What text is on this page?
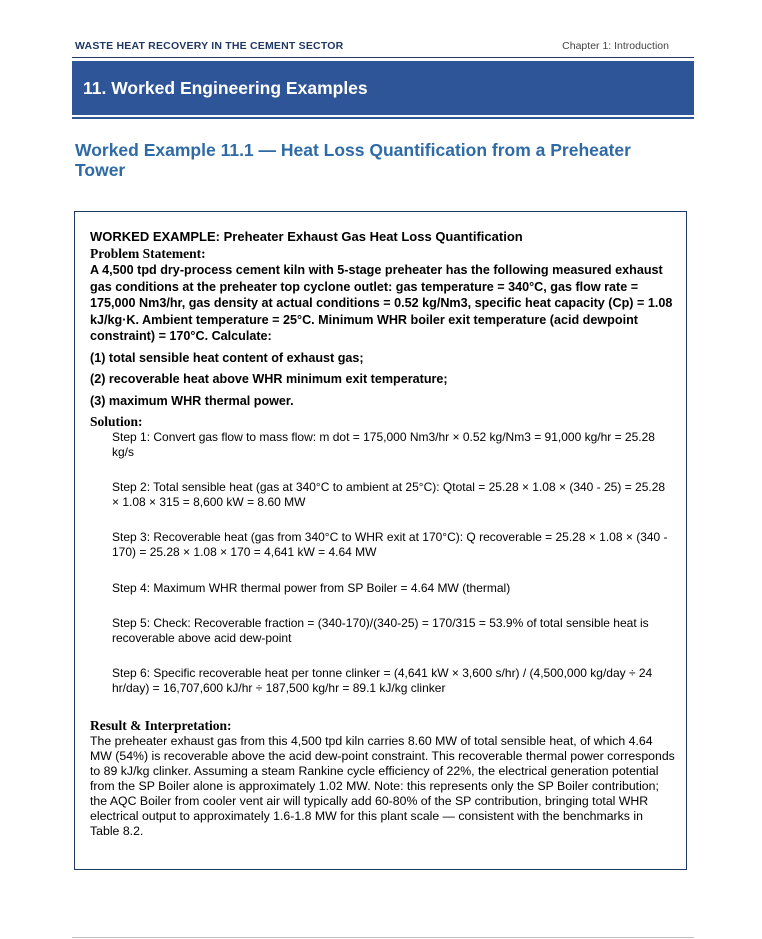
WASTE HEAT RECOVERY IN THE CEMENT SECTOR	Chapter 1: Introduction
11. Worked Engineering Examples
Worked Example 11.1 — Heat Loss Quantification from a Preheater Tower
WORKED EXAMPLE: Preheater Exhaust Gas Heat Loss Quantification
Problem Statement:

A 4,500 tpd dry-process cement kiln with 5-stage preheater has the following measured exhaust gas conditions at the preheater top cyclone outlet: gas temperature = 340°C, gas flow rate = 175,000 Nm3/hr, gas density at actual conditions = 0.52 kg/Nm3, specific heat capacity (Cp) = 1.08 kJ/kg·K. Ambient temperature = 25°C. Minimum WHR boiler exit temperature (acid dewpoint constraint) = 170°C. Calculate:

(1) total sensible heat content of exhaust gas;
(2) recoverable heat above WHR minimum exit temperature;
(3) maximum WHR thermal power.
Solution:
Step 1: Convert gas flow to mass flow: m dot = 175,000 Nm3/hr × 0.52 kg/Nm3 = 91,000 kg/hr = 25.28 kg/s
Step 2: Total sensible heat (gas at 340°C to ambient at 25°C): Qtotal = 25.28 × 1.08 × (340 - 25) = 25.28 × 1.08 × 315 = 8,600 kW = 8.60 MW
Step 3: Recoverable heat (gas from 340°C to WHR exit at 170°C): Q recoverable = 25.28 × 1.08 × (340 - 170) = 25.28 × 1.08 × 170 = 4,641 kW = 4.64 MW
Step 4: Maximum WHR thermal power from SP Boiler = 4.64 MW (thermal)
Step 5: Check: Recoverable fraction = (340-170)/(340-25) = 170/315 = 53.9% of total sensible heat is recoverable above acid dew-point
Step 6: Specific recoverable heat per tonne clinker = (4,641 kW × 3,600 s/hr) / (4,500,000 kg/day ÷ 24 hr/day) = 16,707,600 kJ/hr ÷ 187,500 kg/hr = 89.1 kJ/kg clinker
Result & Interpretation:
The preheater exhaust gas from this 4,500 tpd kiln carries 8.60 MW of total sensible heat, of which 4.64 MW (54%) is recoverable above the acid dew-point constraint. This recoverable thermal power corresponds to 89 kJ/kg clinker. Assuming a steam Rankine cycle efficiency of 22%, the electrical generation potential from the SP Boiler alone is approximately 1.02 MW. Note: this represents only the SP Boiler contribution; the AQC Boiler from cooler vent air will typically add 60-80% of the SP contribution, bringing total WHR electrical output to approximately 1.6-1.8 MW for this plant scale — consistent with the benchmarks in Table 8.2.
